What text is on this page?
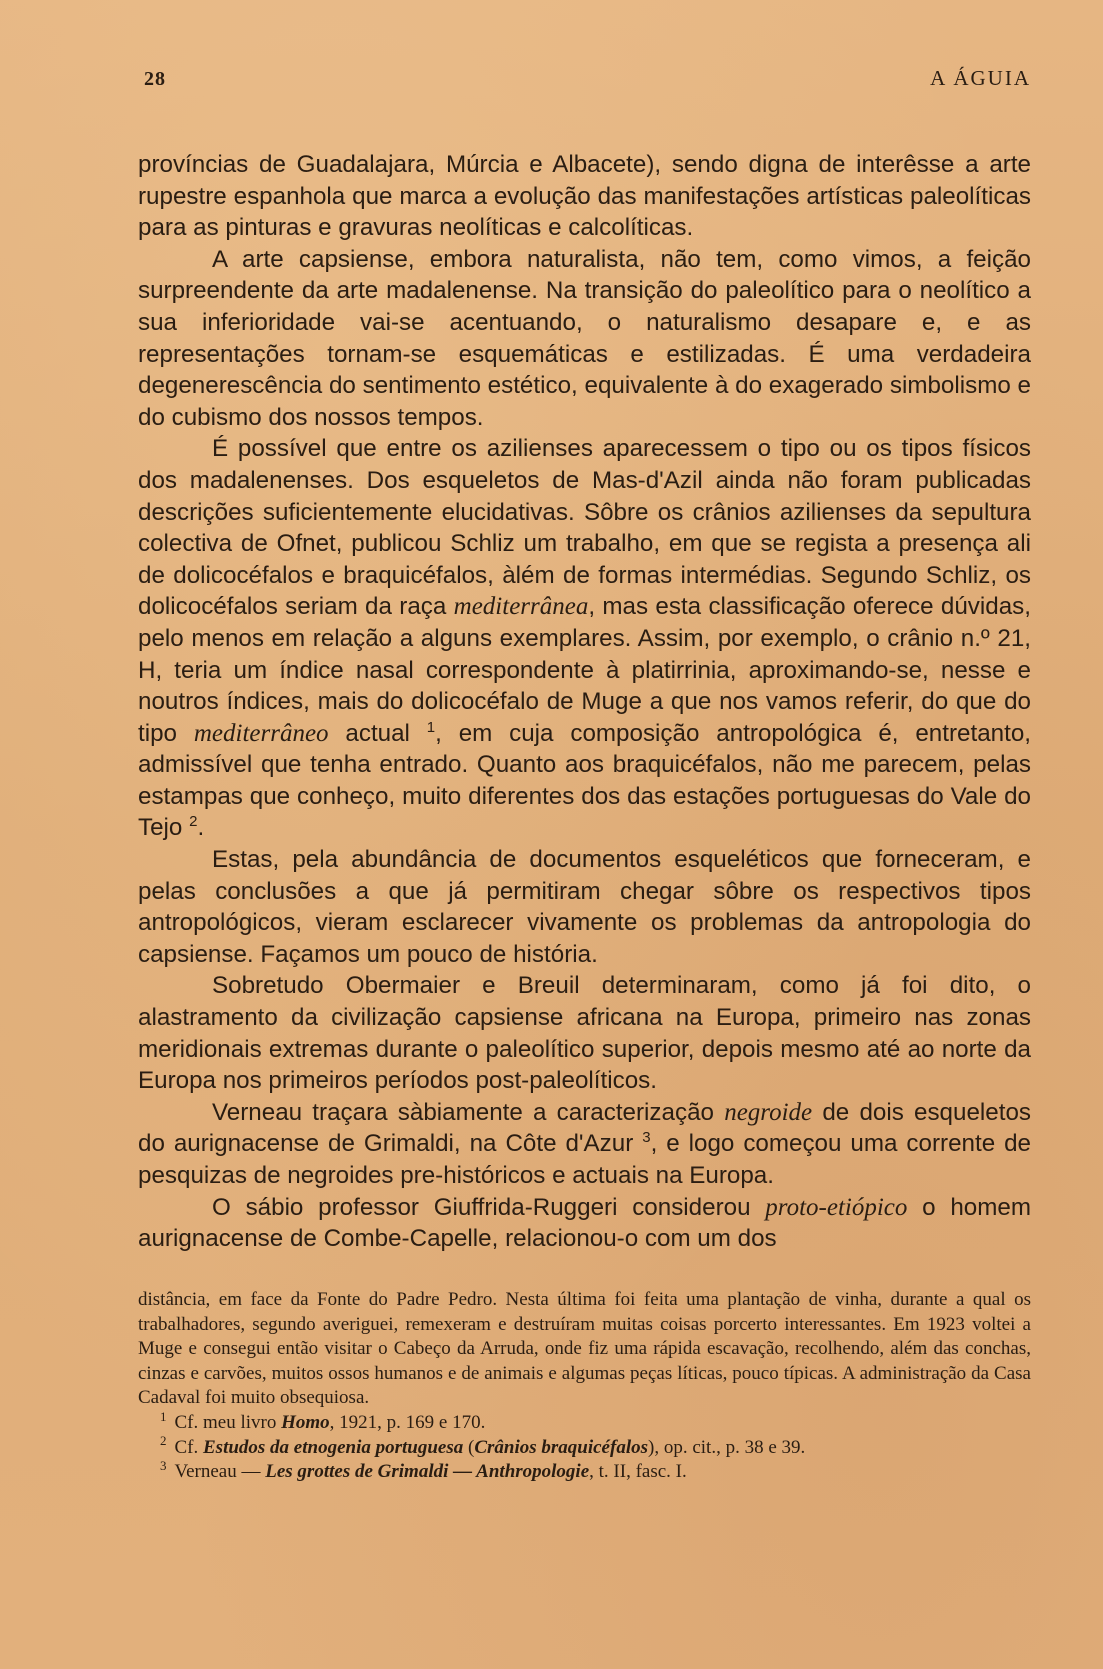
28	A ÁGUIA

províncias de Guadalajara, Múrcia e Albacete), sendo digna de interêsse a arte rupestre espanhola que marca a evolução das manifestações artísticas paleolíticas para as pinturas e gravuras neolíticas e calcolíticas.

A arte capsiense, embora naturalista, não tem, como vimos, a feição surpreendente da arte madalenense. Na transição do paleolítico para o neolítico a sua inferioridade vai-se acentuando, o naturalismo desapare e, e as representações tornam-se esquemáticas e estilizadas. É uma verdadeira degenerescência do sentimento estético, equivalente à do exagerado simbolismo e do cubismo dos nossos tempos.

É possível que entre os azilienses aparecessem o tipo ou os tipos físicos dos madalenenses. Dos esqueletos de Mas-d'Azil ainda não foram publicadas descrições suficientemente elucidativas. Sôbre os crânios azilienses da sepultura colectiva de Ofnet, publicou Schliz um trabalho, em que se regista a presença ali de dolicocéfalos e braquicéfalos, àlém de formas intermédias. Segundo Schliz, os dolicocéfalos seriam da raça mediterrânea, mas esta classificação oferece dúvidas, pelo menos em relação a alguns exemplares. Assim, por exemplo, o crânio n.º 21, H, teria um índice nasal correspondente à platirrinia, aproximando-se, nesse e noutros índices, mais do dolicocéfalo de Muge a que nos vamos referir, do que do tipo mediterrâneo actual $^1$, em cuja composição antropológica é, entretanto, admissível que tenha entrado. Quanto aos braquicéfalos, não me parecem, pelas estampas que conheço, muito diferentes dos das estações portuguesas do Vale do Tejo $^2$.

Estas, pela abundância de documentos esqueléticos que forneceram, e pelas conclusões a que já permitiram chegar sôbre os respectivos tipos antropológicos, vieram esclarecer vivamente os problemas da antropologia do capsiense. Façamos um pouco de história.

Sobretudo Obermaier e Breuil determinaram, como já foi dito, o alastramento da civilização capsiense africana na Europa, primeiro nas zonas meridionais extremas durante o paleolítico superior, depois mesmo até ao norte da Europa nos primeiros períodos post-paleolíticos.

Verneau traçara sàbiamente a caracterização negroide de dois esqueletos do aurignacense de Grimaldi, na Côte d'Azur $^3$, e logo começou uma corrente de pesquizas de negroides pre-históricos e actuais na Europa.

O sábio professor Giuffrida-Ruggeri considerou proto-etiópico o homem aurignacense de Combe-Capelle, relacionou-o com um dos

distância, em face da Fonte do Padre Pedro. Nesta última foi feita uma plantação de vinha, durante a qual os trabalhadores, segundo averiguei, remexeram e destruíram muitas coisas porcerto interessantes. Em 1923 voltei a Muge e consegui então visitar o Cabeço da Arruda, onde fiz uma rápida escavação, recolhendo, além das conchas, cinzas e carvões, muitos ossos humanos e de animais e algumas peças líticas, pouco típicas. A administração da Casa Cadaval foi muito obsequiosa.

$^1$ Cf. meu livro Homo, 1921, p. 169 e 170.

$^2$ Cf. Estudos da etnogenia portuguesa (Crânios braquicéfalos), op. cit., p. 38 e 39.

$^3$ Verneau — Les grottes de Grimaldi — Anthropologie, t. II, fasc. I.
